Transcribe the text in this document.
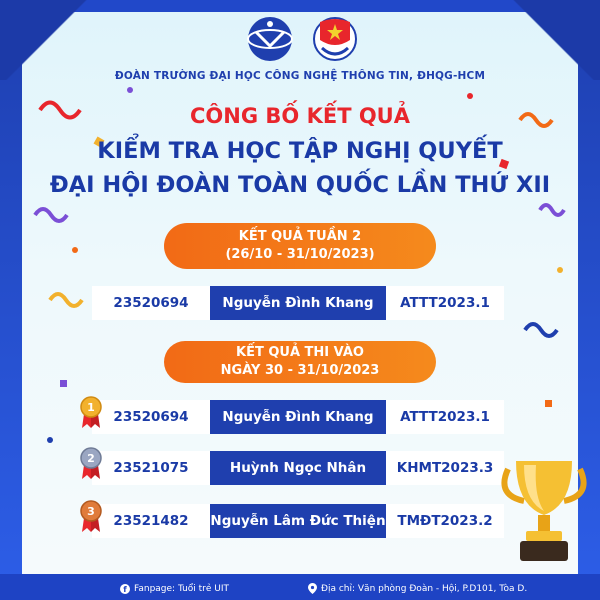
ĐOÀN TRƯỜNG ĐẠI HỌC CÔNG NGHỆ THÔNG TIN, ĐHQG-HCM
CÔNG BỐ KẾT QUẢ
KIỂM TRA HỌC TẬP NGHỊ QUYẾT
ĐẠI HỘI ĐOÀN TOÀN QUỐC LẦN THỨ XII
KẾT QUẢ TUẦN 2
(26/10 - 31/10/2023)
23520694	Nguyễn Đình Khang	ATTT2023.1
KẾT QUẢ THI VÀO
NGÀY 30 - 31/10/2023
23520694	Nguyễn Đình Khang	ATTT2023.1
1
23521075	Huỳnh Ngọc Nhân	KHMT2023.3
2
23521482	Nguyễn Lâm Đức Thiện TMĐT2023.2
3
f Fanpage: Tuổi trẻ UIT	Địa chỉ: Văn phòng Đoàn - Hội, P.D101, Tòa D.
